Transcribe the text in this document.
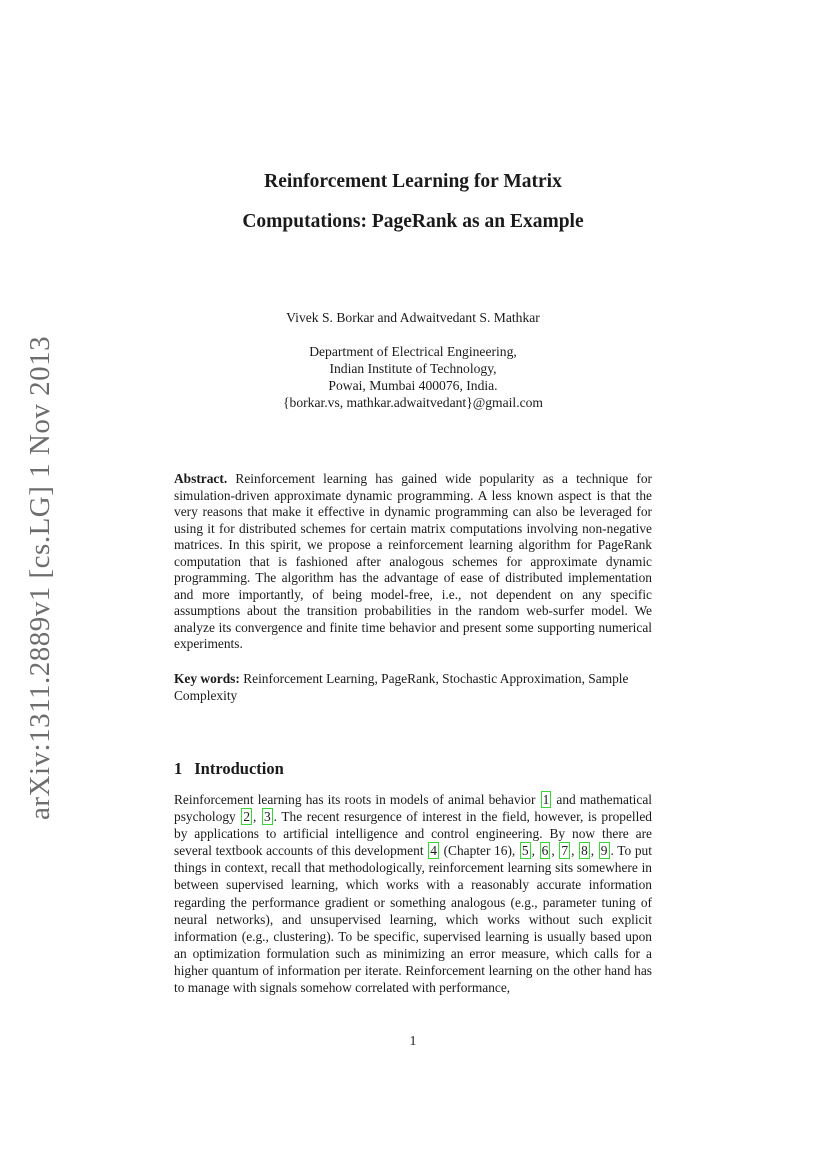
arXiv:1311.2889v1 [cs.LG] 1 Nov 2013
Reinforcement Learning for Matrix
Computations: PageRank as an Example
Vivek S. Borkar and Adwaitvedant S. Mathkar
Department of Electrical Engineering,
Indian Institute of Technology,
Powai, Mumbai 400076, India.
{borkar.vs, mathkar.adwaitvedant}@gmail.com
Abstract. Reinforcement learning has gained wide popularity as a technique for simulation-driven approximate dynamic programming. A less known aspect is that the very reasons that make it effective in dynamic programming can also be leveraged for using it for distributed schemes for certain matrix computations involving non-negative matrices. In this spirit, we propose a reinforcement learning algorithm for PageRank computation that is fashioned after analogous schemes for approximate dynamic programming. The algorithm has the advantage of ease of distributed implementation and more importantly, of being model-free, i.e., not dependent on any specific assumptions about the transition probabilities in the random web-surfer model. We analyze its convergence and finite time behavior and present some supporting numerical experiments.
Key words: Reinforcement Learning, PageRank, Stochastic Approximation, Sample Complexity
1 Introduction
Reinforcement learning has its roots in models of animal behavior 1 and mathematical psychology 2 , 3 . The recent resurgence of interest in the field, however, is propelled by applications to artificial intelligence and control engineering. By now there are several textbook accounts of this development 4 (Chapter 16), 5 , 6 , 7 , 8 , 9 . To put things in context, recall that methodologically, reinforcement learning sits somewhere in between supervised learning, which works with a reasonably accurate information regarding the performance gradient or something analogous (e.g., parameter tuning of neural networks), and unsupervised learning, which works without such explicit information (e.g., clustering). To be specific, supervised learning is usually based upon an optimization formulation such as minimizing an error measure, which calls for a higher quantum of information per iterate. Reinforcement learning on the other hand has to manage with signals somehow correlated with performance,
1
